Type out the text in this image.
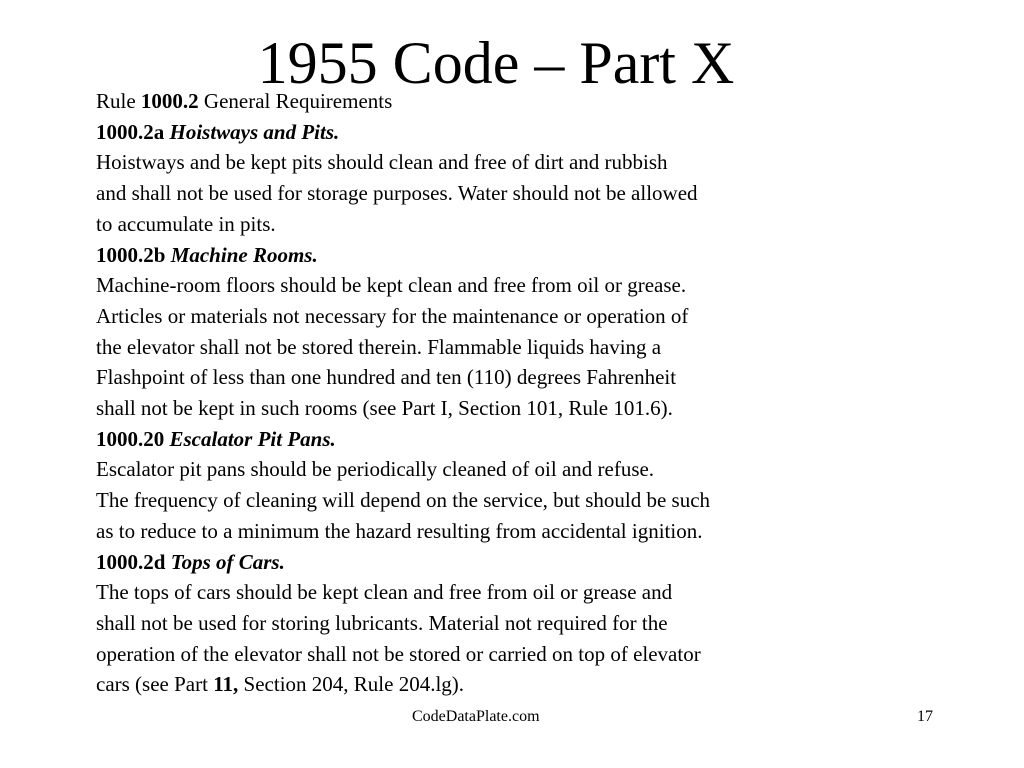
1955 Code – Part X

Rule 1000.2 General Requirements

1000.2a Hoistways and Pits.

Hoistways and be kept pits should clean and free of dirt and rubbish

and shall not be used for storage purposes. Water should not be allowed

to accumulate in pits.

1000.2b Machine Rooms.

Machine-room floors should be kept clean and free from oil or grease.

Articles or materials not necessary for the maintenance or operation of

the elevator shall not be stored therein. Flammable liquids having a

Flashpoint of less than one hundred and ten (110) degrees Fahrenheit

shall not be kept in such rooms (see Part I, Section 101, Rule 101.6).

1000.20 Escalator Pit Pans.

Escalator pit pans should be periodically cleaned of oil and refuse.

The frequency of cleaning will depend on the service, but should be such

as to reduce to a minimum the hazard resulting from accidental ignition.

1000.2d Tops of Cars.

The tops of cars should be kept clean and free from oil or grease and

shall not be used for storing lubricants. Material not required for the

operation of the elevator shall not be stored or carried on top of elevator

cars (see Part 11, Section 204, Rule 204.lg).

CodeDataPlate.com	17
